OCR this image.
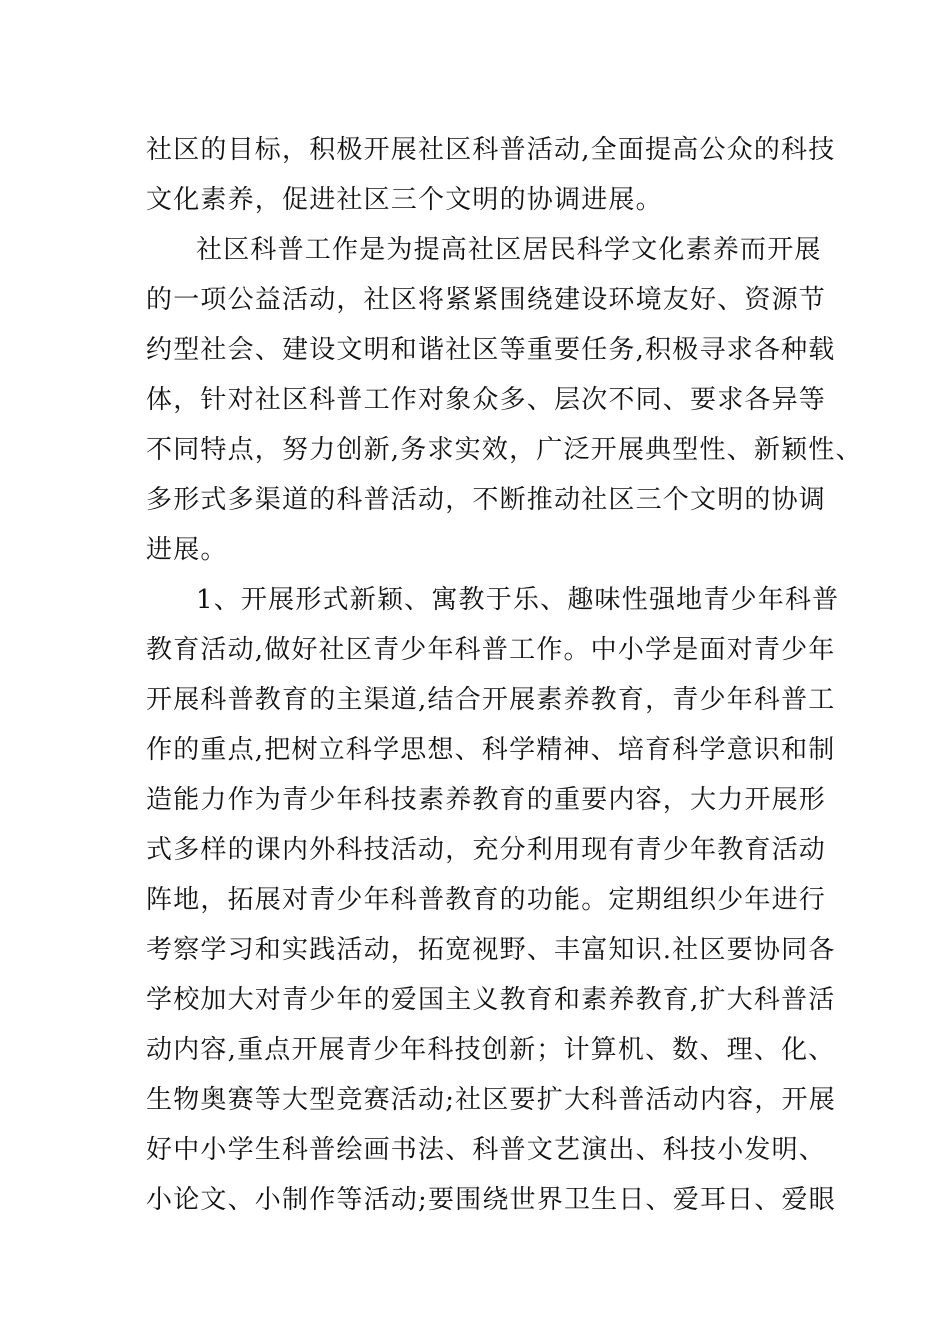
社区的目标，积极开展社区科普活动,全面提高公众的科技
文化素养，促进社区三个文明的协调进展。
社区科普工作是为提高社区居民科学文化素养而开展
的一项公益活动，社区将紧紧围绕建设环境友好、资源节
约型社会、建设文明和谐社区等重要任务,积极寻求各种载
体，针对社区科普工作对象众多、层次不同、要求各异等
不同特点，努力创新,务求实效，广泛开展典型性、新颖性、
多形式多渠道的科普活动，不断推动社区三个文明的协调
进展。
1、开展形式新颖、寓教于乐、趣味性强地青少年科普
教育活动,做好社区青少年科普工作。中小学是面对青少年
开展科普教育的主渠道,结合开展素养教育，青少年科普工
作的重点,把树立科学思想、科学精神、培育科学意识和制
造能力作为青少年科技素养教育的重要内容，大力开展形
式多样的课内外科技活动，充分利用现有青少年教育活动
阵地，拓展对青少年科普教育的功能。定期组织少年进行
考察学习和实践活动，拓宽视野、丰富知识.社区要协同各
学校加大对青少年的爱国主义教育和素养教育,扩大科普活
动内容,重点开展青少年科技创新；计算机、数、理、化、
生物奥赛等大型竞赛活动;社区要扩大科普活动内容，开展
好中小学生科普绘画书法、科普文艺演出、科技小发明、
小论文、小制作等活动;要围绕世界卫生日、爱耳日、爱眼
